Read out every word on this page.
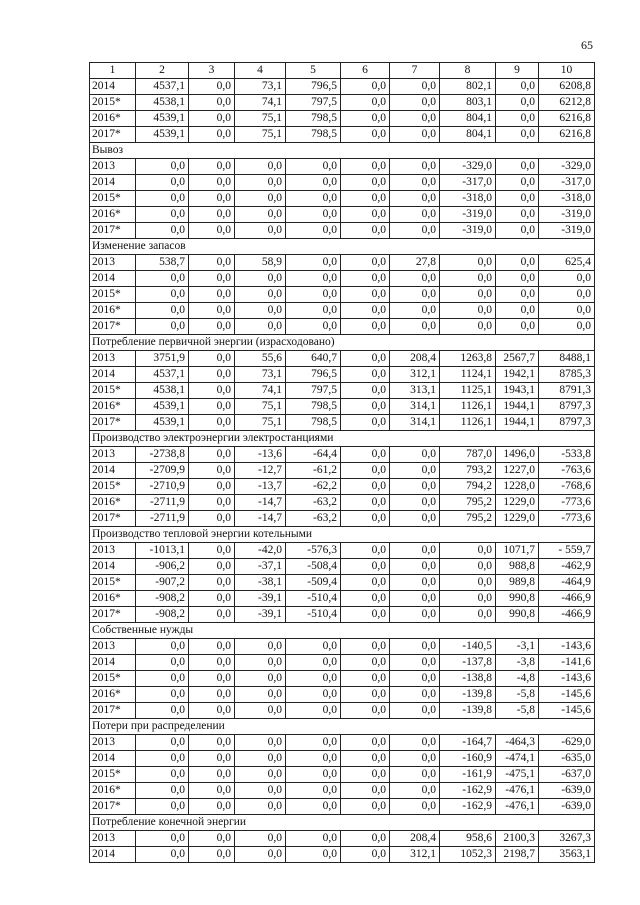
65
1	2	3	4	5	6	7	8	9	10
2014	4537,1	0,0	73,1	796,5	0,0	0,0	802,1	0,0	6208,8
2015*	4538,1	0,0	74,1	797,5	0,0	0,0	803,1	0,0	6212,8
2016*	4539,1	0,0	75,1	798,5	0,0	0,0	804,1	0,0	6216,8
2017*	4539,1	0,0	75,1	798,5	0,0	0,0	804,1	0,0	6216,8
Вывоз									
2013	0,0	0,0	0,0	0,0	0,0	0,0	-329,0	0,0	-329,0
2014	0,0	0,0	0,0	0,0	0,0	0,0	-317,0	0,0	-317,0
2015*	0,0	0,0	0,0	0,0	0,0	0,0	-318,0	0,0	-318,0
2016*	0,0	0,0	0,0	0,0	0,0	0,0	-319,0	0,0	-319,0
2017*	0,0	0,0	0,0	0,0	0,0	0,0	-319,0	0,0	-319,0
Изменение запасов									
2013	538,7	0,0	58,9	0,0	0,0	27,8	0,0	0,0	625,4
2014	0,0	0,0	0,0	0,0	0,0	0,0	0,0	0,0	0,0
2015*	0,0	0,0	0,0	0,0	0,0	0,0	0,0	0,0	0,0
2016*	0,0	0,0	0,0	0,0	0,0	0,0	0,0	0,0	0,0
2017*	0,0	0,0	0,0	0,0	0,0	0,0	0,0	0,0	0,0
Потребление первичной энергии (израсходовано)									
2013	3751,9	0,0	55,6	640,7	0,0	208,4	1263,8	2567,7	8488,1
2014	4537,1	0,0	73,1	796,5	0,0	312,1	1124,1	1942,1	8785,3
2015*	4538,1	0,0	74,1	797,5	0,0	313,1	1125,1	1943,1	8791,3
2016*	4539,1	0,0	75,1	798,5	0,0	314,1	1126,1	1944,1	8797,3
2017*	4539,1	0,0	75,1	798,5	0,0	314,1	1126,1	1944,1	8797,3
Производство электроэнергии электростанциями									
2013	-2738,8	0,0	-13,6	-64,4	0,0	0,0	787,0	1496,0	-533,8
2014	-2709,9	0,0	-12,7	-61,2	0,0	0,0	793,2	1227,0	-763,6
2015*	-2710,9	0,0	-13,7	-62,2	0,0	0,0	794,2	1228,0	-768,6
2016*	-2711,9	0,0	-14,7	-63,2	0,0	0,0	795,2	1229,0	-773,6
2017*	-2711,9	0,0	-14,7	-63,2	0,0	0,0	795,2	1229,0	-773,6
Производство тепловой энергии котельными									
2013	-1013,1	0,0	-42,0	-576,3	0,0	0,0	0,0	1071,7	- 559,7
2014	-906,2	0,0	-37,1	-508,4	0,0	0,0	0,0	988,8	-462,9
2015*	-907,2	0,0	-38,1	-509,4	0,0	0,0	0,0	989,8	-464,9
2016*	-908,2	0,0	-39,1	-510,4	0,0	0,0	0,0	990,8	-466,9
2017*	-908,2	0,0	-39,1	-510,4	0,0	0,0	0,0	990,8	-466,9
Собственные нужды									
2013	0,0	0,0	0,0	0,0	0,0	0,0	-140,5	-3,1	-143,6
2014	0,0	0,0	0,0	0,0	0,0	0,0	-137,8	-3,8	-141,6
2015*	0,0	0,0	0,0	0,0	0,0	0,0	-138,8	-4,8	-143,6
2016*	0,0	0,0	0,0	0,0	0,0	0,0	-139,8	-5,8	-145,6
2017*	0,0	0,0	0,0	0,0	0,0	0,0	-139,8	-5,8	-145,6
Потери при распределении									
2013	0,0	0,0	0,0	0,0	0,0	0,0	-164,7	-464,3	-629,0
2014	0,0	0,0	0,0	0,0	0,0	0,0	-160,9	-474,1	-635,0
2015*	0,0	0,0	0,0	0,0	0,0	0,0	-161,9	-475,1	-637,0
2016*	0,0	0,0	0,0	0,0	0,0	0,0	-162,9	-476,1	-639,0
2017*	0,0	0,0	0,0	0,0	0,0	0,0	-162,9	-476,1	-639,0
Потребление конечной энергии									
2013	0,0	0,0	0,0	0,0	0,0	208,4	958,6	2100,3	3267,3
2014	0,0	0,0	0,0	0,0	0,0	312,1	1052,3	2198,7	3563,1
